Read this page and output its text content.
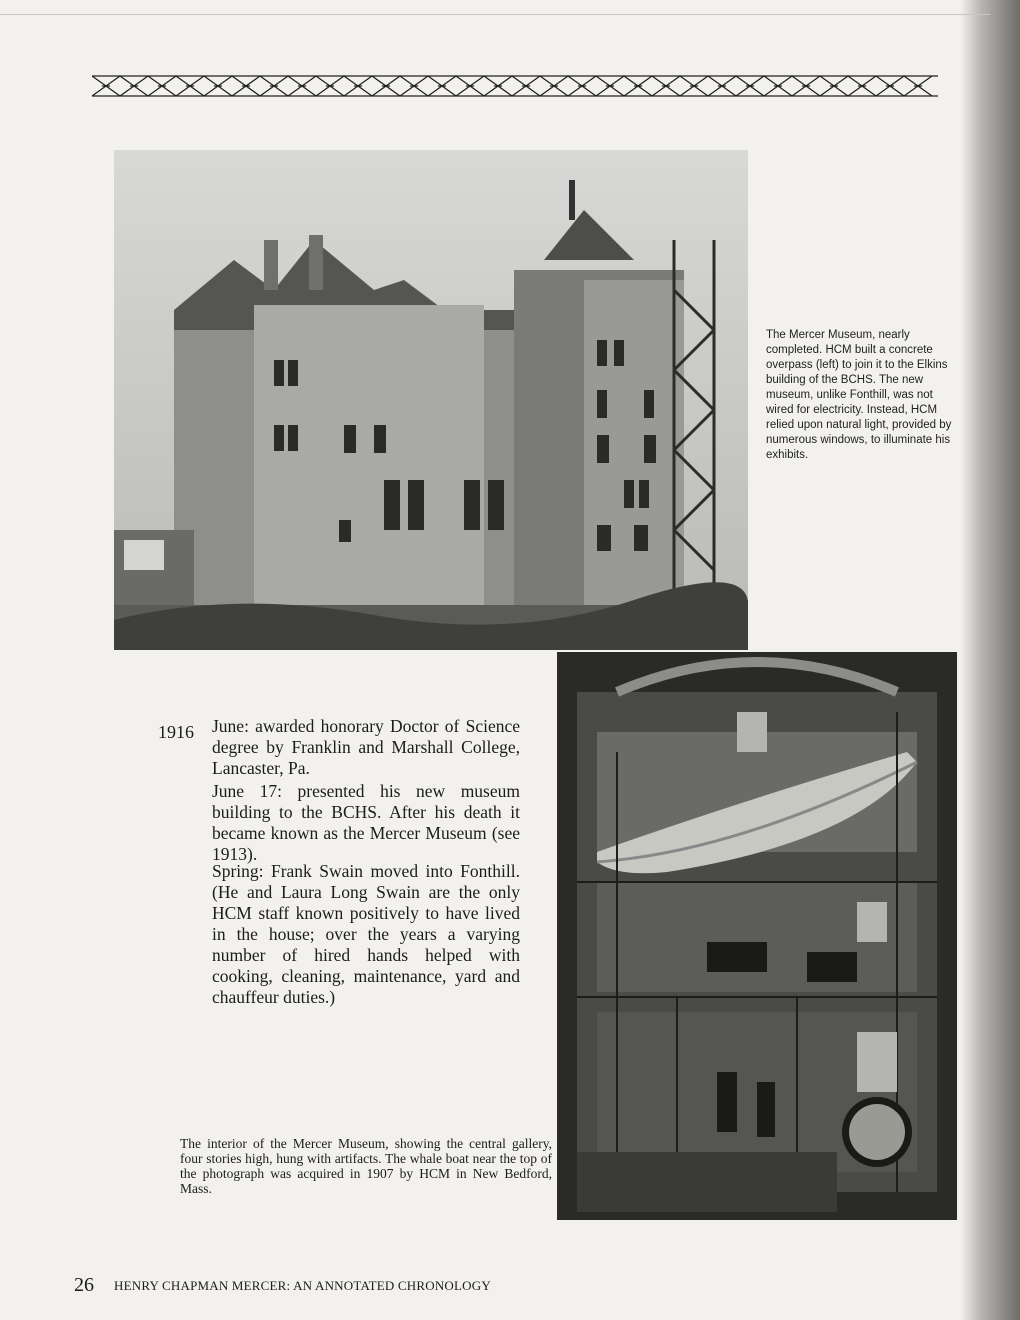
The Mercer Museum, nearly completed. HCM built a concrete overpass (left) to join it to the Elkins building of the BCHS. The new museum, unlike Fonthill, was not wired for electricity. Instead, HCM relied upon natural light, provided by numerous windows, to illuminate his exhibits.
1916 June: awarded honorary Doctor of Science degree by Franklin and Marshall College, Lancaster, Pa.
June 17: presented his new museum building to the BCHS. After his death it became known as the Mercer Museum (see 1913).
Spring: Frank Swain moved into Fonthill. (He and Laura Long Swain are the only HCM staff known positively to have lived in the house; over the years a varying number of hired hands helped with cooking, cleaning, maintenance, yard and chauffeur duties.)
The interior of the Mercer Museum, showing the central gallery, four stories high, hung with artifacts. The whale boat near the top of the photograph was acquired in 1907 by HCM in New Bedford, Mass.
26 HENRY CHAPMAN MERCER: AN ANNOTATED CHRONOLOGY
